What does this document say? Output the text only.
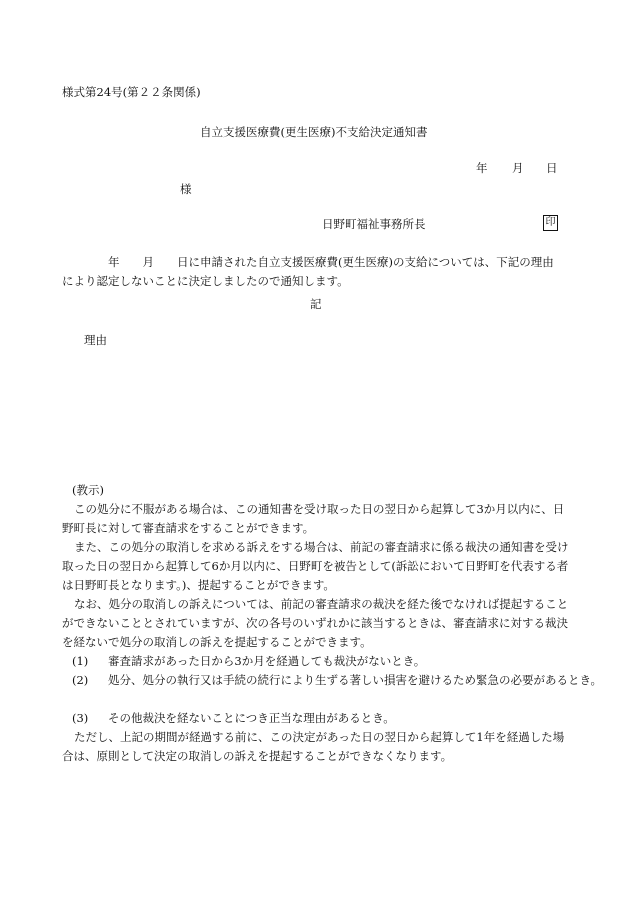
様式第24号(第２２条関係)
自立支援医療費(更生医療)不支給決定通知書
年 月 日
様
日野町福祉事務所長	印
年　　月　　日に申請された自立支援医療費(更生医療)の支給については、下記の理由
により認定しないことに決定しましたので通知します。
記
理由
(教示)
この処分に不服がある場合は、この通知書を受け取った日の翌日から起算して3か月以内に、日野町長に対して審査請求をすることができます。
また、この処分の取消しを求める訴えをする場合は、前記の審査請求に係る裁決の通知書を受け取った日の翌日から起算して6か月以内に、日野町を被告として(訴訟において日野町を代表する者は日野町長となります。)、提起することができます。
なお、処分の取消しの訴えについては、前記の審査請求の裁決を経た後でなければ提起することができないこととされていますが、次の各号のいずれかに該当するときは、審査請求に対する裁決を経ないで処分の取消しの訴えを提起することができます。
(1) 審査請求があった日から3か月を経過しても裁決がないとき。
(2) 処分、処分の執行又は手続の続行により生ずる著しい損害を避けるため緊急の必要があるとき。
(3) その他裁決を経ないことにつき正当な理由があるとき。
ただし、上記の期間が経過する前に、この決定があった日の翌日から起算して1年を経過した場合は、原則として決定の取消しの訴えを提起することができなくなります。
